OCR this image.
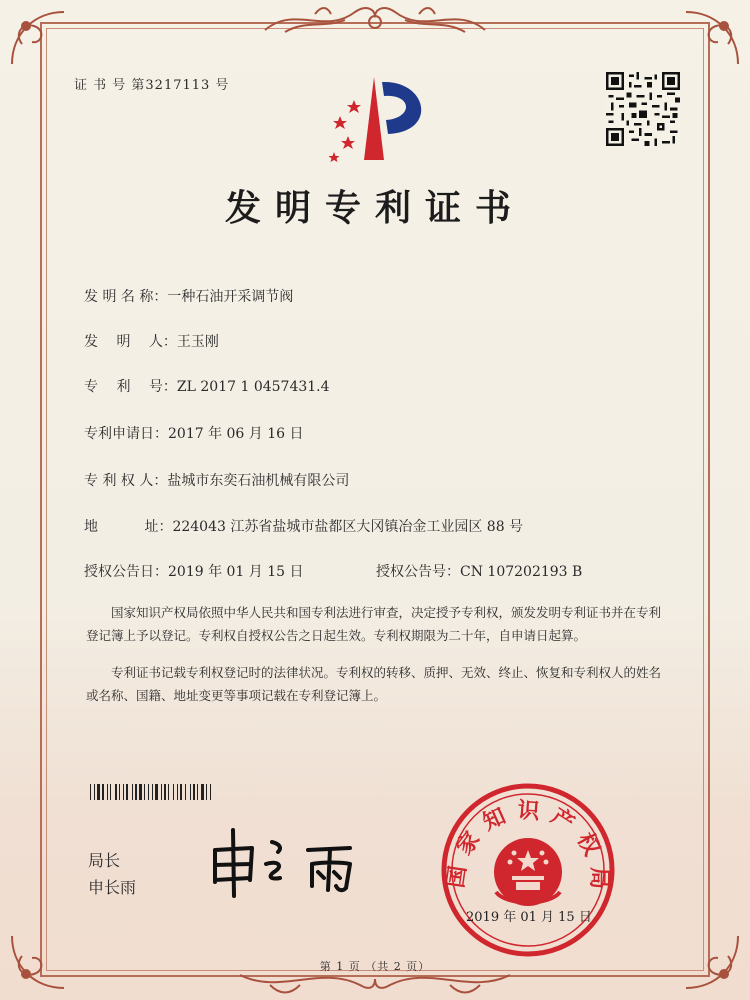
证 书 号 第3217113 号
发明专利证书
发 明 名 称：一种石油开采调节阀
发　 明　 人：王玉刚
专　 利　 号：ZL 2017 1 0457431.4
专利申请日：2017 年 06 月 16 日
专 利 权 人：盐城市东奕石油机械有限公司
地　　　 址：224043 江苏省盐城市盐都区大冈镇冶金工业园区 88 号
授权公告日：2019 年 01 月 15 日	授权公告号：CN 107202193 B
国家知识产权局依照中华人民共和国专利法进行审查，决定授予专利权，颁发发明专利证书并在专利登记簿上予以登记。专利权自授权公告之日起生效。专利权期限为二十年，自申请日起算。
专利证书记载专利权登记时的法律状况。专利权的转移、质押、无效、终止、恢复和专利权人的姓名或名称、国籍、地址变更等事项记载在专利登记簿上。
局长
申长雨	国家知识产权局
2019 年 01 月 15 日
第 1 页 （共 2 页）
